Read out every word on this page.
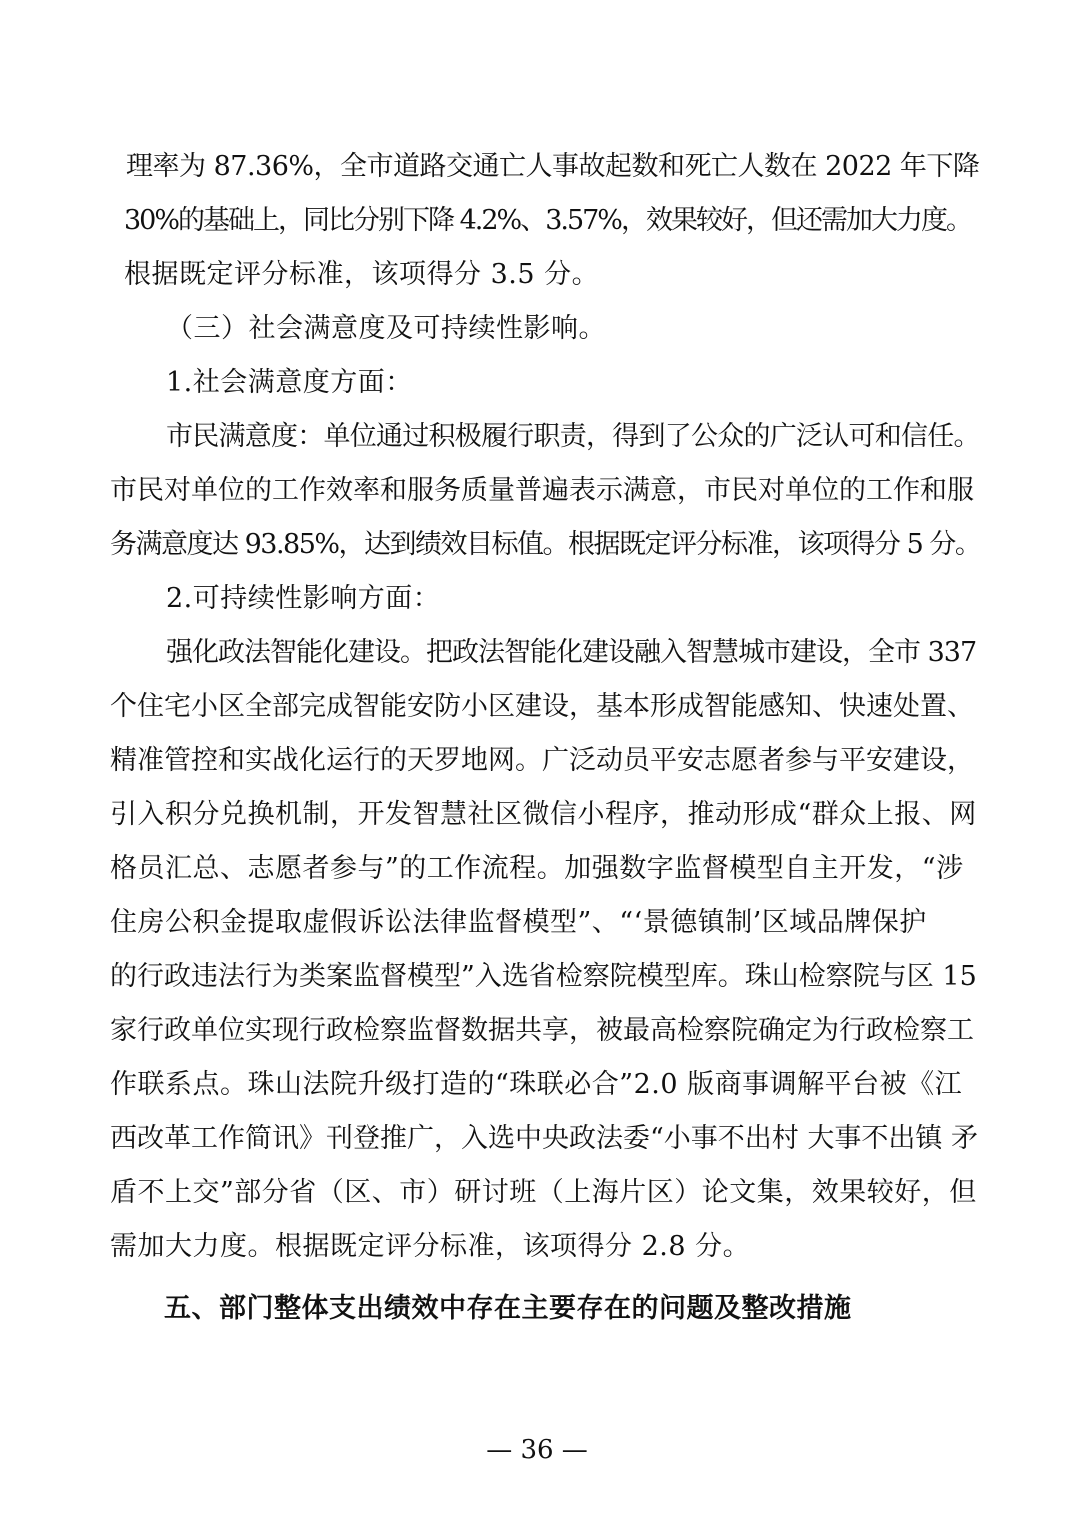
理率为 87.36%，全市道路交通亡人事故起数和死亡人数在 2022 年下降
30%的基础上，同比分别下降 4.2%、3.57%，效果较好，但还需加大力度。
根据既定评分标准，该项得分 3.5 分。
（三）社会满意度及可持续性影响。
1.社会满意度方面：
市民满意度：单位通过积极履行职责，得到了公众的广泛认可和信任。
市民对单位的工作效率和服务质量普遍表示满意，市民对单位的工作和服
务满意度达 93.85%，达到绩效目标值。根据既定评分标准，该项得分 5 分。
2.可持续性影响方面：
强化政法智能化建设。把政法智能化建设融入智慧城市建设，全市 337
个住宅小区全部完成智能安防小区建设，基本形成智能感知、快速处置、
精准管控和实战化运行的天罗地网。广泛动员平安志愿者参与平安建设，
引入积分兑换机制，开发智慧社区微信小程序，推动形成“群众上报、网
格员汇总、志愿者参与”的工作流程。加强数字监督模型自主开发，“涉
住房公积金提取虚假诉讼法律监督模型”、“‘景德镇制’区域品牌保护
的行政违法行为类案监督模型”入选省检察院模型库。珠山检察院与区 15
家行政单位实现行政检察监督数据共享，被最高检察院确定为行政检察工
作联系点。珠山法院升级打造的“珠联必合”2.0 版商事调解平台被《江
西改革工作简讯》刊登推广，入选中央政法委“小事不出村 大事不出镇 矛
盾不上交”部分省（区、市）研讨班（上海片区）论文集，效果较好，但
需加大力度。根据既定评分标准，该项得分 2.8 分。
五、部门整体支出绩效中存在主要存在的问题及整改措施
— 36 —
